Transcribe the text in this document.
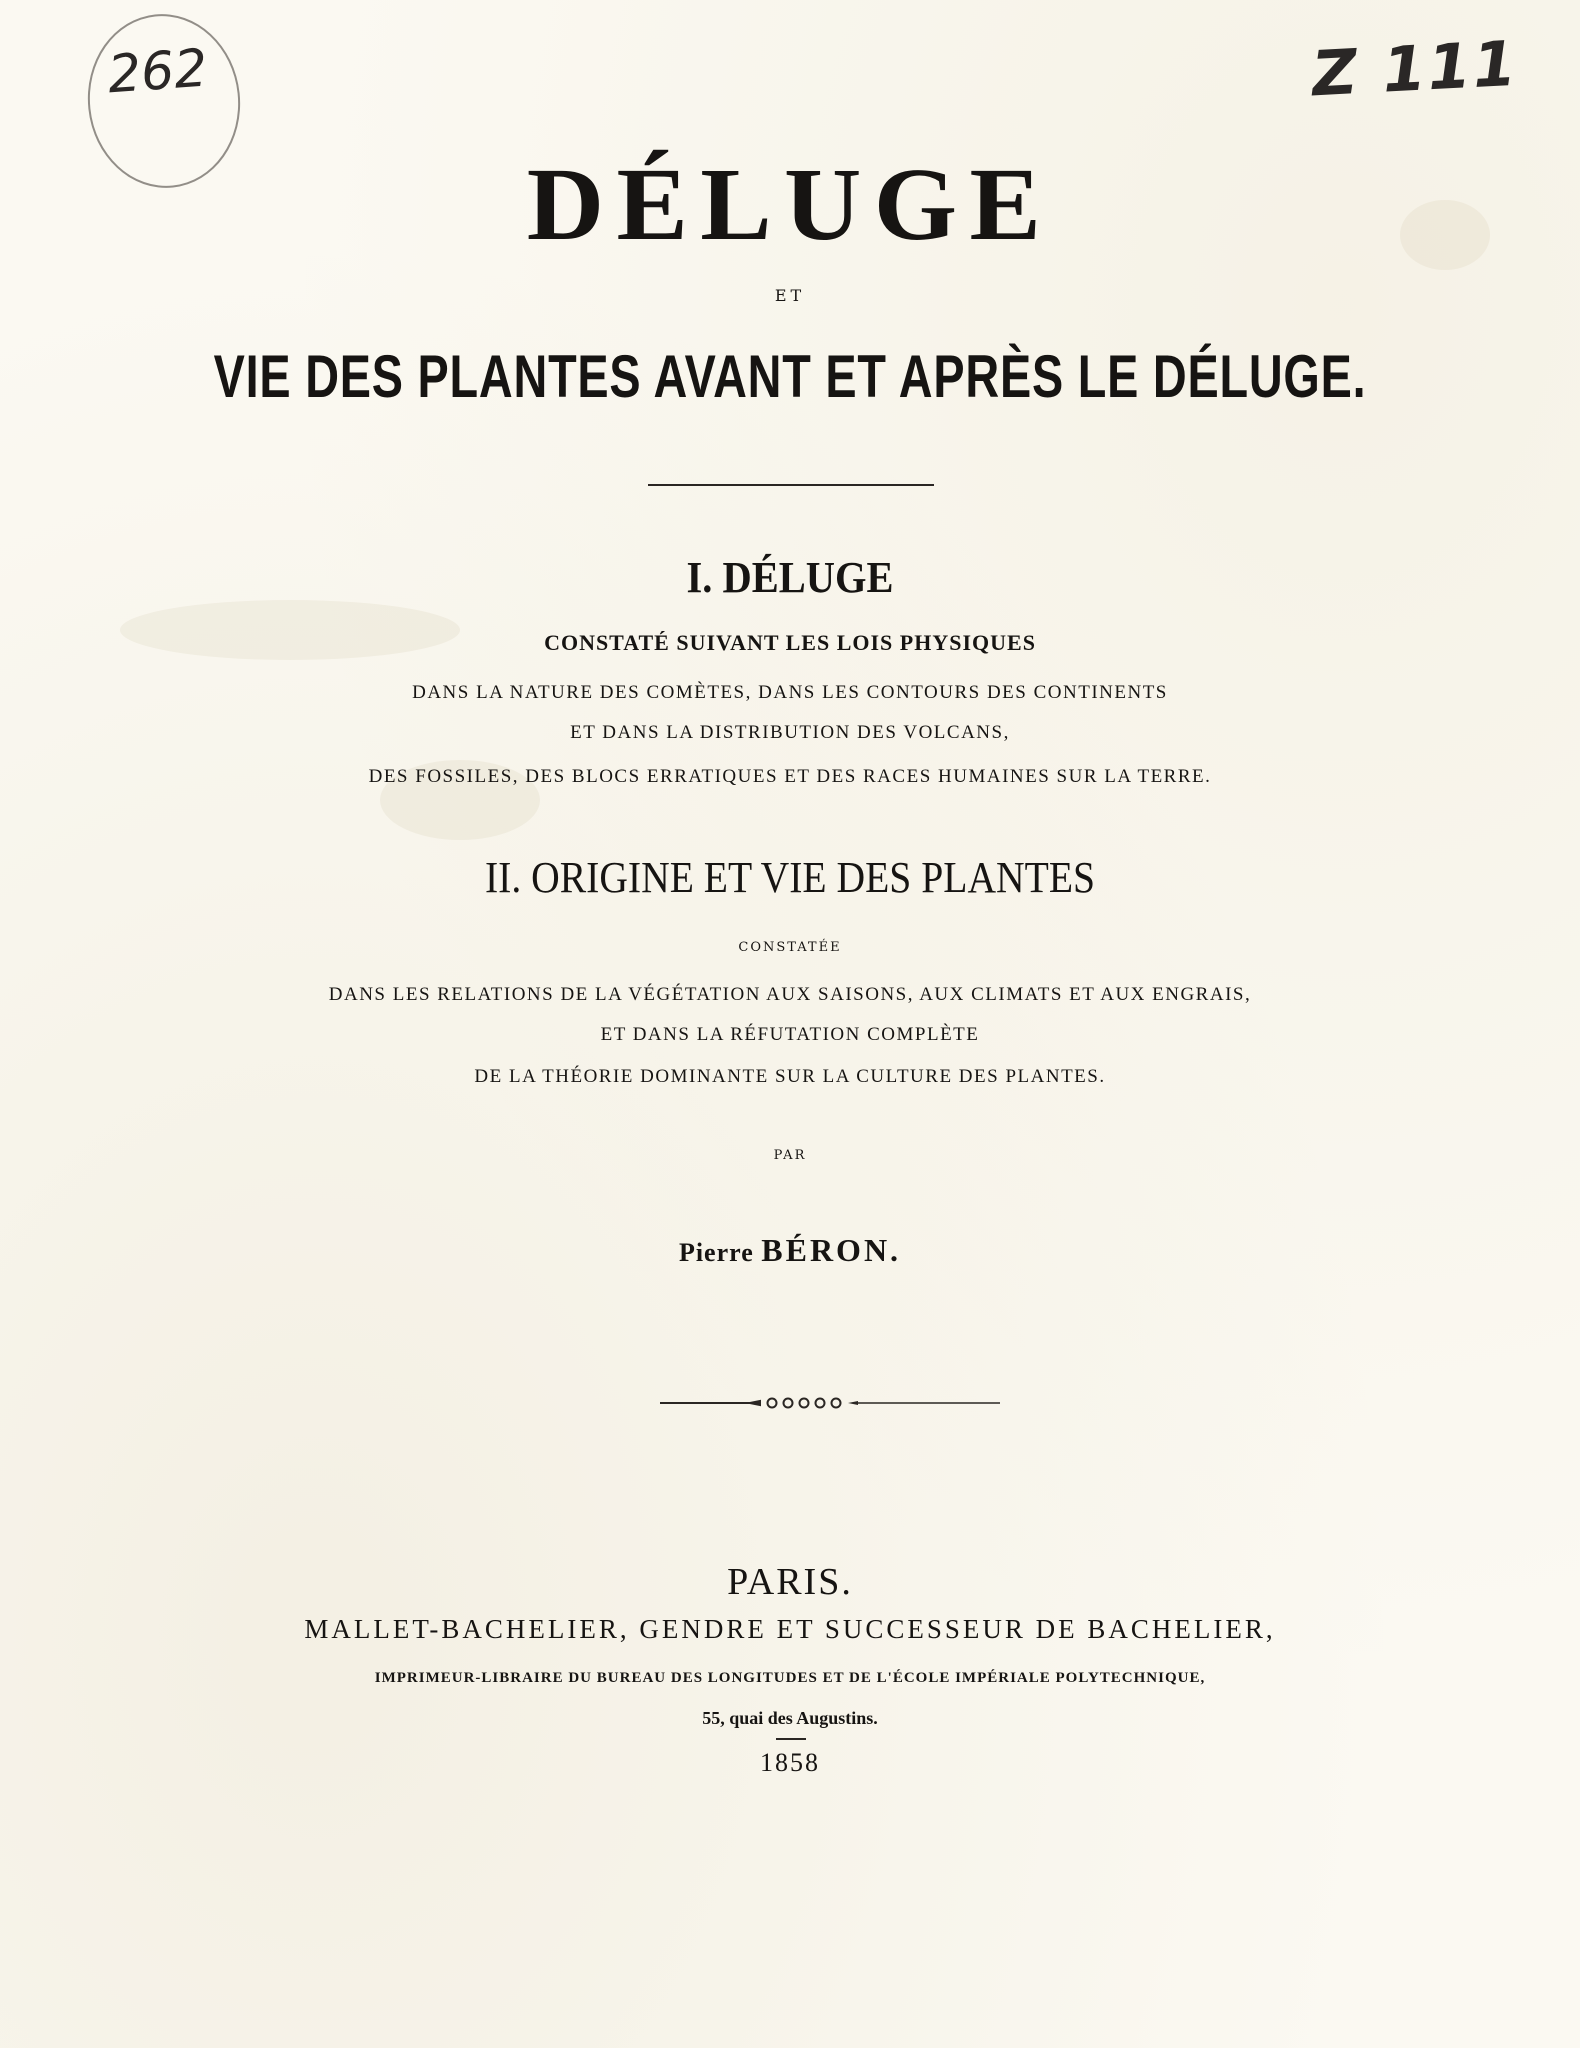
262	Z 111
DÉLUGE
ET
VIE DES PLANTES AVANT ET APRÈS LE DÉLUGE.
I. DÉLUGE
CONSTATÉ SUIVANT LES LOIS PHYSIQUES
DANS LA NATURE DES COMÈTES, DANS LES CONTOURS DES CONTINENTS
ET DANS LA DISTRIBUTION DES VOLCANS,
DES FOSSILES, DES BLOCS ERRATIQUES ET DES RACES HUMAINES SUR LA TERRE.
II. ORIGINE ET VIE DES PLANTES
CONSTATÉE
DANS LES RELATIONS DE LA VÉGÉTATION AUX SAISONS, AUX CLIMATS ET AUX ENGRAIS,
ET DANS LA RÉFUTATION COMPLÈTE
DE LA THÉORIE DOMINANTE SUR LA CULTURE DES PLANTES.
PAR
Pierre BÉRON.
PARIS.
MALLET-BACHELIER, GENDRE ET SUCCESSEUR DE BACHELIER,
IMPRIMEUR-LIBRAIRE DU BUREAU DES LONGITUDES ET DE L'ÉCOLE IMPÉRIALE POLYTECHNIQUE,
55, quai des Augustins.
1858
